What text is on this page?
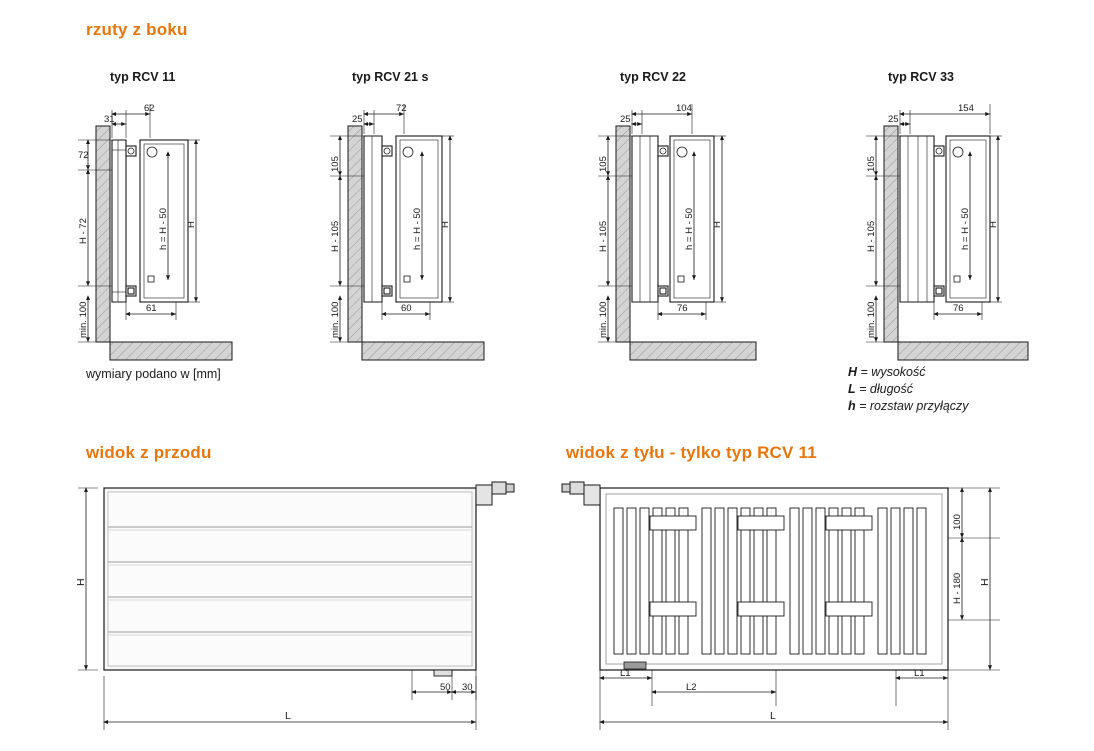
rzuty z boku
widok z przodu	widok z tyłu - tylko typ RCV 11
typ RCV 11	typ RCV 21 s	typ RCV 22	typ RCV 33
wymiary podano w [mm]	H = wysokość
L = długość
h = rozstaw przyłączy
31
62
72
H - 72
min. 100
h = H - 50 H
61
25
72
105
H - 105
min. 100
h = H - 50 H
60
25
104
105
H - 105
min. 100
h = H - 50 H
76
25
154
105
H - 105
min. 100
h = H - 50 H
76
H
L
50 30
100
H - 180 H
L1
L2
L1
L
